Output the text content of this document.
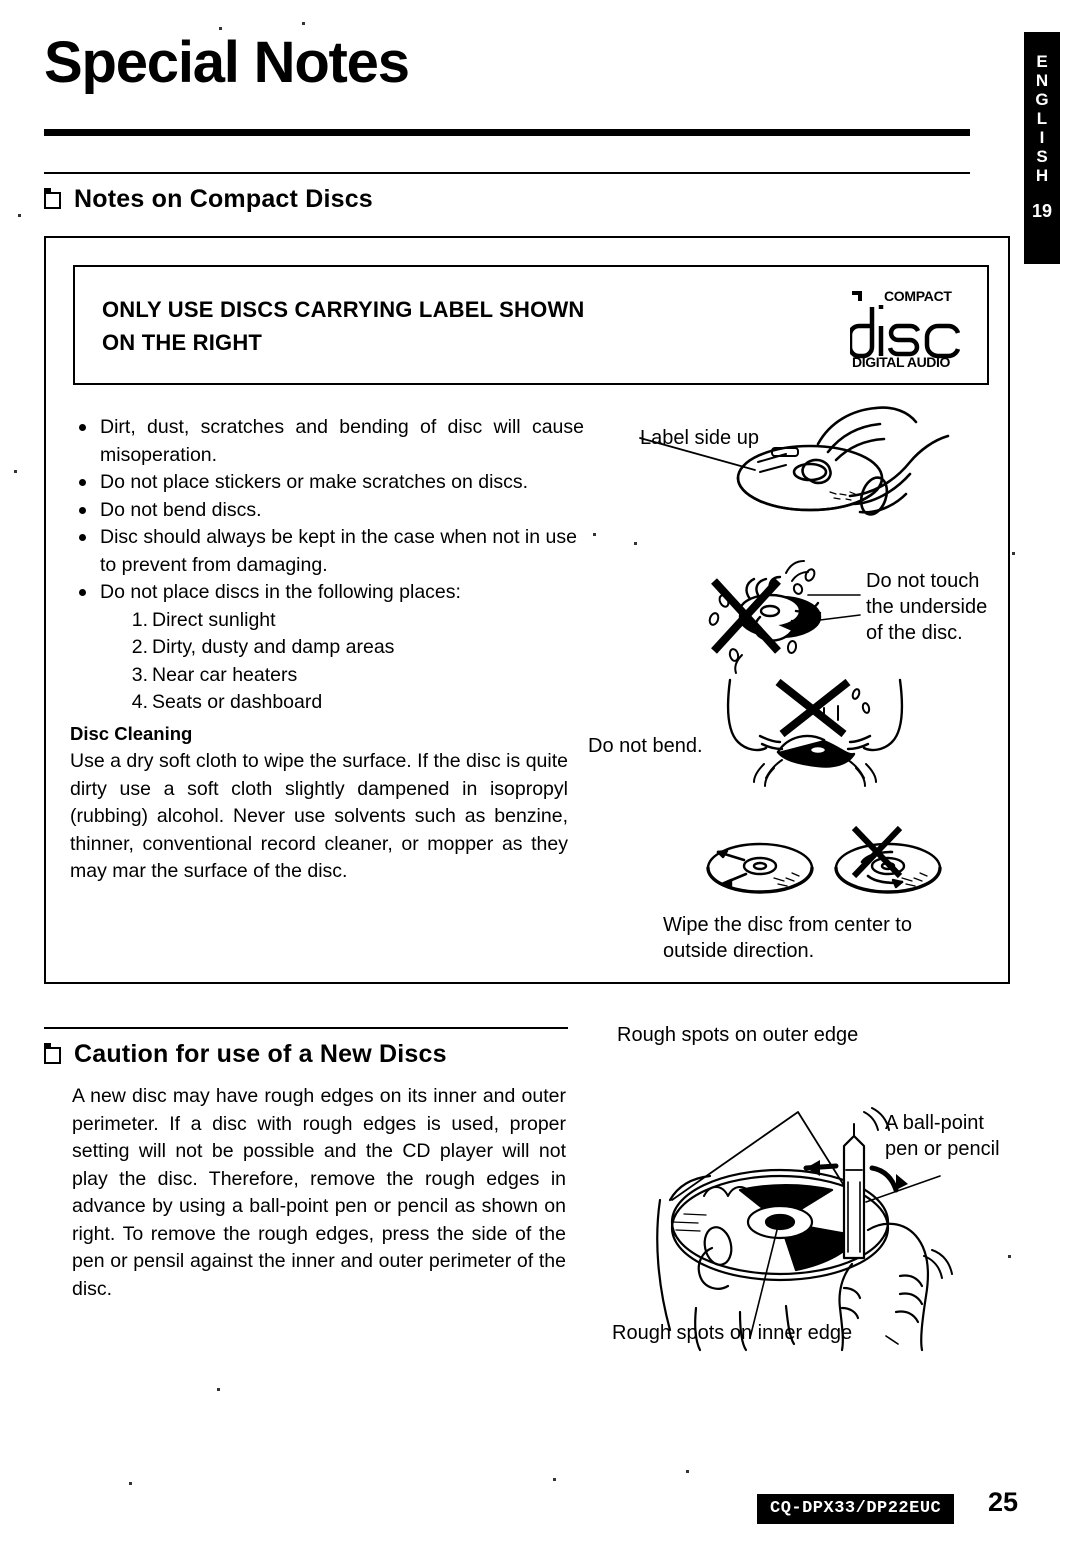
Special Notes	E
N
G
L
I
S
H
19
Notes on Compact Discs
ONLY USE DISCS CARRYING LABEL SHOWN
ON THE RIGHT
COMPACT
DIGITAL AUDIO
Dirt, dust, scratches and bending of disc will cause misoperation.
Do not place stickers or make scratches on discs.
Do not bend discs.
Disc should always be kept in the case when not in use to prevent from damaging.
Do not place discs in the following places:
1. Direct sunlight
2. Dirty, dusty and damp areas
3. Near car heaters
4. Seats or dashboard
Disc Cleaning
Use a dry soft cloth to wipe the surface. If the disc is quite dirty use a soft cloth slightly dampened in isopropyl (rubbing) alcohol. Never use solvents such as benzine, thinner, conventional record cleaner, or mopper as they may mar the surface of the disc.
Label side up
Do not touch
the underside
of the disc.
Do not bend.
Wipe the disc from center to
outside direction.
Caution for use of a New Discs
A new disc may have rough edges on its inner and outer perimeter. If a disc with rough edges is used, proper setting will not be possible and the CD player will not play the disc. Therefore, remove the rough edges in advance by using a ball-point pen or pencil as shown on right. To remove the rough edges, press the side of the pen or pensil against the inner and outer perimeter of the disc.
Rough spots on outer edge
A ball-point
pen or pencil
Rough spots on inner edge
CQ-DPX33/DP22EUC	25
